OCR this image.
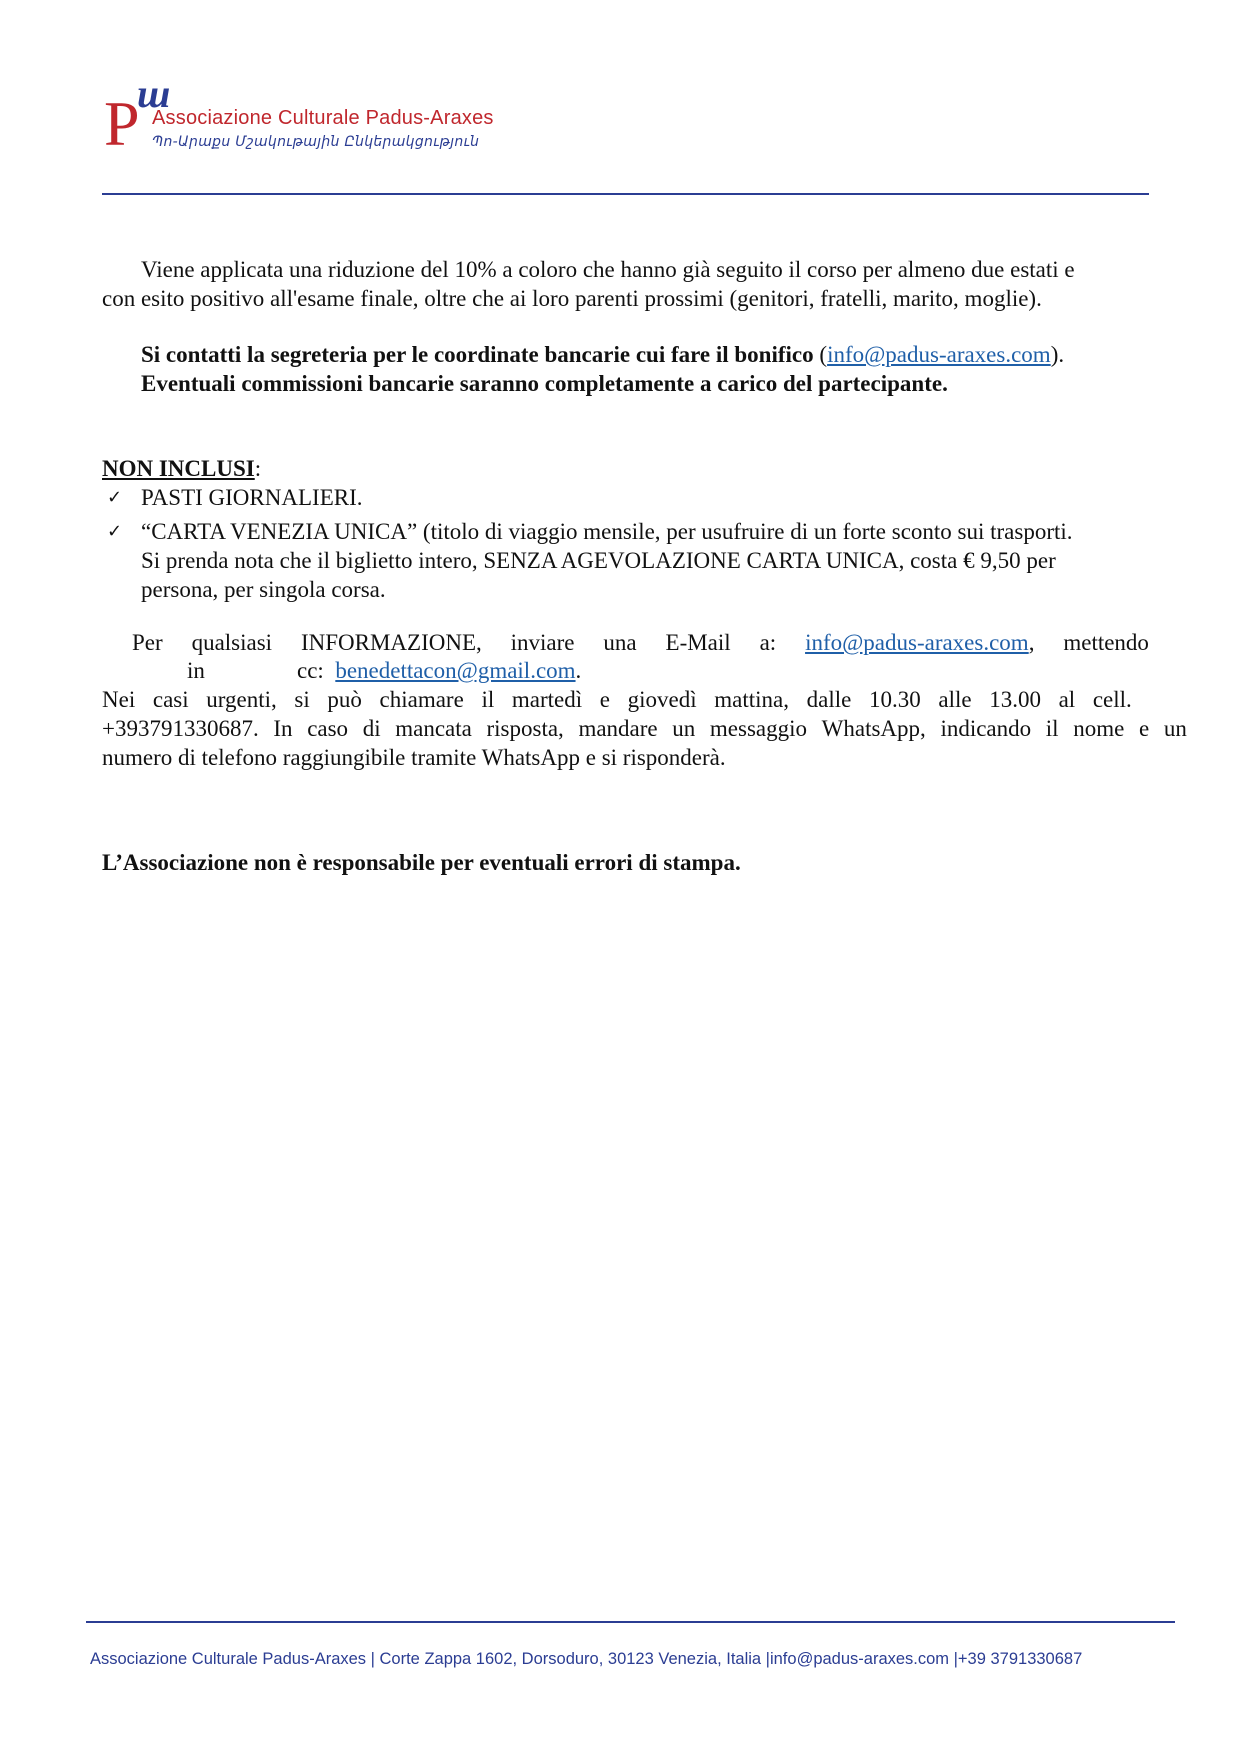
P
ш
Associazione Culturale Padus-Araxes
Պո-Արաքս Մշակութային Ընկերակցություն
Viene applicata una riduzione del 10% a coloro che hanno già seguito il corso per almeno due estati e
con esito positivo all'esame finale, oltre che ai loro parenti prossimi (genitori, fratelli, marito, moglie).
Si contatti la segreteria per le coordinate bancarie cui fare il bonifico (info@padus-araxes.com).
Eventuali commissioni bancarie saranno completamente a carico del partecipante.
NON INCLUSI:
✓ PASTI GIORNALIERI.
✓ “CARTA VENEZIA UNICA” (titolo di viaggio mensile, per usufruire di un forte sconto sui trasporti.
Si prenda nota che il biglietto intero, SENZA AGEVOLAZIONE CARTA UNICA, costa € 9,50 per
persona, per singola corsa.
Per qualsiasi INFORMAZIONE, inviare una E-Mail a: info@padus-araxes.com, mettendo
in	cc: benedettacon@gmail.com.
Nei casi urgenti, si può chiamare il martedì e giovedì mattina, dalle 10.30 alle 13.00 al cell.
+393791330687. In caso di mancata risposta, mandare un messaggio WhatsApp, indicando il nome e un
numero di telefono raggiungibile tramite WhatsApp e si risponderà.
L’Associazione non è responsabile per eventuali errori di stampa.
Associazione Culturale Padus-Araxes | Corte Zappa 1602, Dorsoduro, 30123 Venezia, Italia |info@padus-araxes.com |+39 3791330687
